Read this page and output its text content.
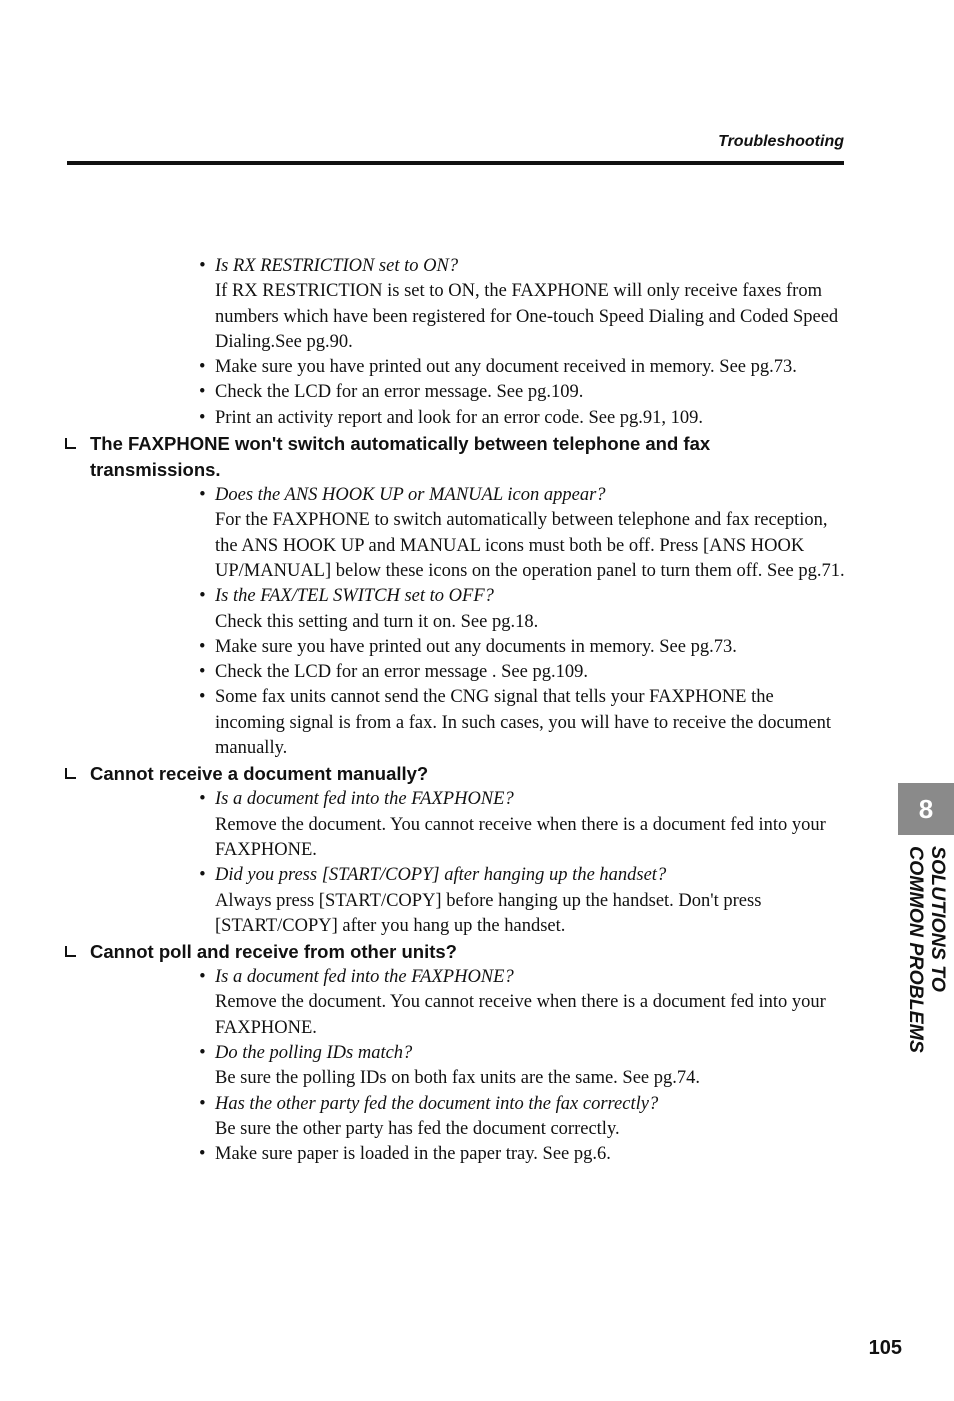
Troubleshooting
• Is RX RESTRICTION set to ON?
If RX RESTRICTION is set to ON, the FAXPHONE will only receive faxes from numbers which have been registered for One-touch Speed Dialing and Coded Speed Dialing.See pg.90.
• Make sure you have printed out any document received in memory. See pg.73.
• Check the LCD for an error message. See pg.109.
• Print an activity report and look for an error code. See pg.91, 109.
The FAXPHONE won't switch automatically between telephone and fax
transmissions.
• Does the ANS HOOK UP or MANUAL icon appear?
For the FAXPHONE to switch automatically between telephone and fax reception, the ANS HOOK UP and MANUAL icons must both be off. Press [ANS HOOK UP/MANUAL] below these icons on the operation panel to turn them off. See pg.71.
• Is the FAX/TEL SWITCH set to OFF?
Check this setting and turn it on. See pg.18.
• Make sure you have printed out any documents in memory. See pg.73.
• Check the LCD for an error message . See pg.109.
• Some fax units cannot send the CNG signal that tells your FAXPHONE the incoming signal is from a fax. In such cases, you will have to receive the document manually.
Cannot receive a document manually?
• Is a document fed into the FAXPHONE?
Remove the document. You cannot receive when there is a document fed into your FAXPHONE.
• Did you press [START/COPY] after hanging up the handset?
Always press [START/COPY] before hanging up the handset. Don't press [START/COPY] after you hang up the handset.
Cannot poll and receive from other units?
• Is a document fed into the FAXPHONE?
Remove the document. You cannot receive when there is a document fed into your FAXPHONE.
• Do the polling IDs match?
Be sure the polling IDs on both fax units are the same. See pg.74.
• Has the other party fed the document into the fax correctly?
Be sure the other party has fed the document correctly.
• Make sure paper is loaded in the paper tray. See pg.6.
8
SOLUTIONS TO
COMMON PROBLEMS
105
